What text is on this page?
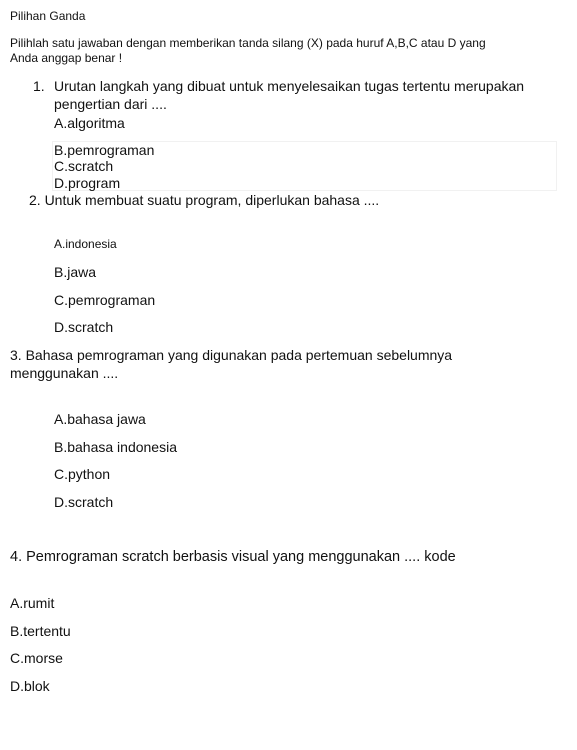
Pilihan Ganda
Pilihlah satu jawaban dengan memberikan tanda silang (X) pada huruf A,B,C atau D yang
Anda anggap benar !
1. Urutan langkah yang dibuat untuk menyelesaikan tugas tertentu merupakan
pengertian dari ....
A.algoritma
B.pemrograman
C.scratch
D.program
2. Untuk membuat suatu program, diperlukan bahasa ....
A.indonesia
B.jawa
C.pemrograman
D.scratch
3. Bahasa pemrograman yang digunakan pada pertemuan sebelumnya
menggunakan ....
A.bahasa jawa
B.bahasa indonesia
C.python
D.scratch
4. Pemrograman scratch berbasis visual yang menggunakan .... kode
A.rumit
B.tertentu
C.morse
D.blok
